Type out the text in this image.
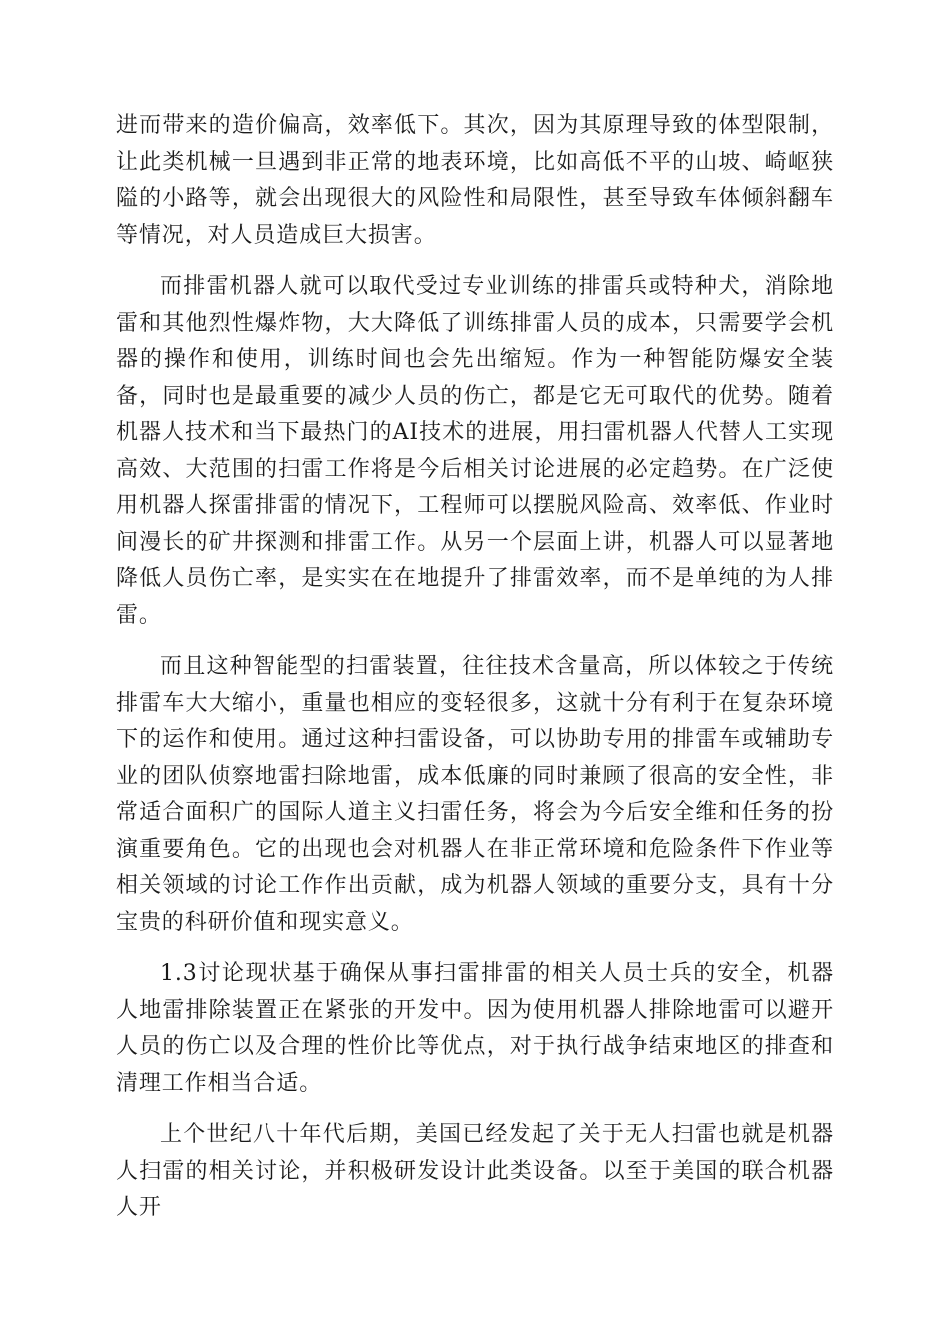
进而带来的造价偏高，效率低下。其次，因为其原理导致的体型限制，让此类机械一旦遇到非正常的地表环境，比如高低不平的山坡、崎岖狭隘的小路等，就会出现很大的风险性和局限性，甚至导致车体倾斜翻车等情况，对人员造成巨大损害。

而排雷机器人就可以取代受过专业训练的排雷兵或特种犬，消除地雷和其他烈性爆炸物，大大降低了训练排雷人员的成本，只需要学会机器的操作和使用，训练时间也会先出缩短。作为一种智能防爆安全装备，同时也是最重要的减少人员的伤亡，都是它无可取代的优势。随着机器人技术和当下最热门的AI技术的进展，用扫雷机器人代替人工实现高效、大范围的扫雷工作将是今后相关讨论进展的必定趋势。在广泛使用机器人探雷排雷的情况下，工程师可以摆脱风险高、效率低、作业时间漫长的矿井探测和排雷工作。从另一个层面上讲，机器人可以显著地降低人员伤亡率，是实实在在地提升了排雷效率，而不是单纯的为人排雷。

而且这种智能型的扫雷装置，往往技术含量高，所以体较之于传统排雷车大大缩小，重量也相应的变轻很多，这就十分有利于在复杂环境下的运作和使用。通过这种扫雷设备，可以协助专用的排雷车或辅助专业的团队侦察地雷扫除地雷，成本低廉的同时兼顾了很高的安全性，非常适合面积广的国际人道主义扫雷任务，将会为今后安全维和任务的扮演重要角色。它的出现也会对机器人在非正常环境和危险条件下作业等相关领域的讨论工作作出贡献，成为机器人领域的重要分支，具有十分宝贵的科研价值和现实意义。

1.3讨论现状基于确保从事扫雷排雷的相关人员士兵的安全，机器人地雷排除装置正在紧张的开发中。因为使用机器人排除地雷可以避开人员的伤亡以及合理的性价比等优点，对于执行战争结束地区的排查和清理工作相当合适。

上个世纪八十年代后期，美国已经发起了关于无人扫雷也就是机器人扫雷的相关讨论，并积极研发设计此类设备。以至于美国的联合机器人开
